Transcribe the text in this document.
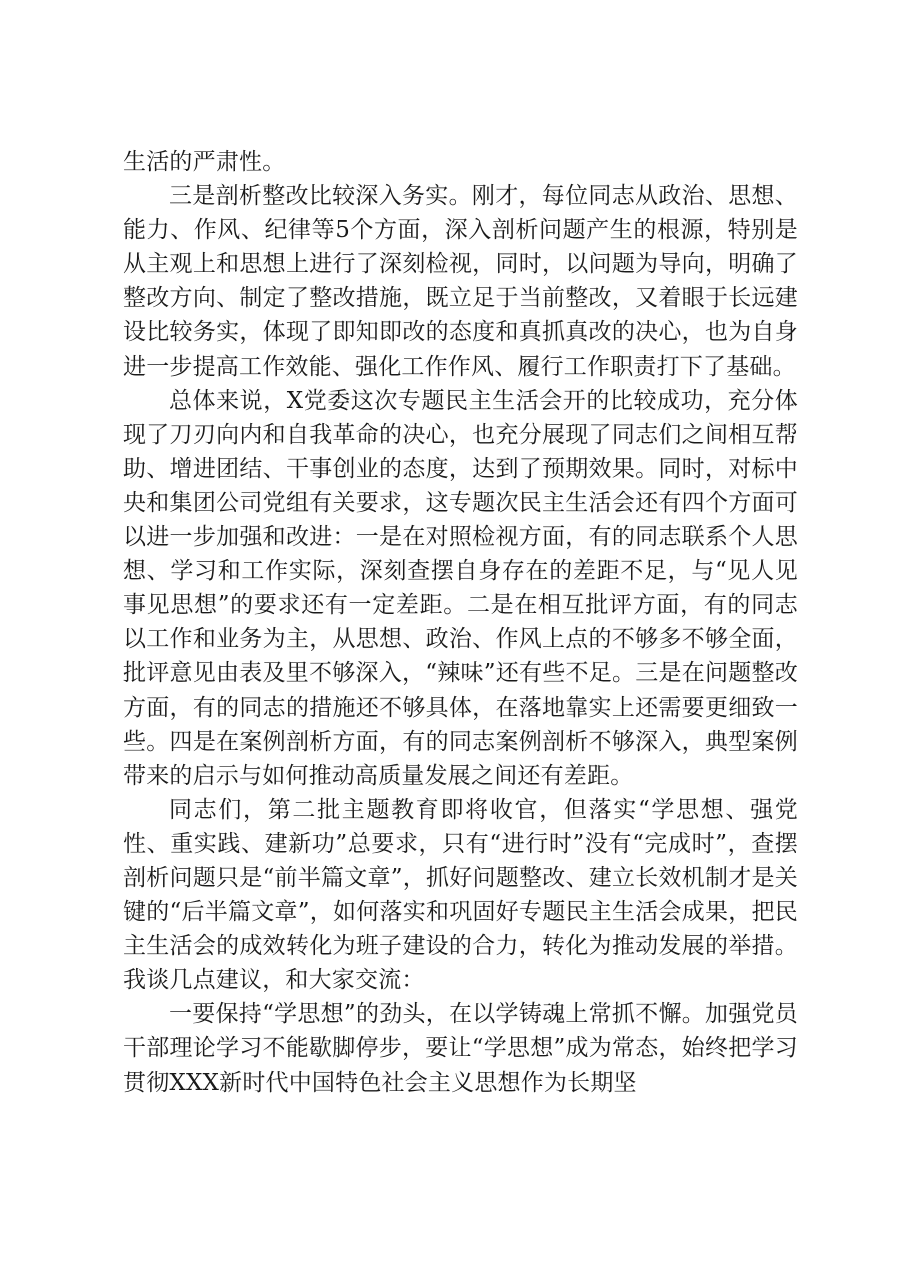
生活的严肃性。

三是剖析整改比较深入务实。刚才，每位同志从政治、思想、能力、作风、纪律等5个方面，深入剖析问题产生的根源，特别是从主观上和思想上进行了深刻检视，同时，以问题为导向，明确了整改方向、制定了整改措施，既立足于当前整改，又着眼于长远建设比较务实，体现了即知即改的态度和真抓真改的决心，也为自身进一步提高工作效能、强化工作作风、履行工作职责打下了基础。

总体来说，X党委这次专题民主生活会开的比较成功，充分体现了刀刃向内和自我革命的决心，也充分展现了同志们之间相互帮助、增进团结、干事创业的态度，达到了预期效果。同时，对标中央和集团公司党组有关要求，这专题次民主生活会还有四个方面可以进一步加强和改进：一是在对照检视方面，有的同志联系个人思想、学习和工作实际，深刻查摆自身存在的差距不足，与“见人见事见思想”的要求还有一定差距。二是在相互批评方面，有的同志以工作和业务为主，从思想、政治、作风上点的不够多不够全面，批评意见由表及里不够深入，“辣味”还有些不足。三是在问题整改方面，有的同志的措施还不够具体，在落地靠实上还需要更细致一些。四是在案例剖析方面，有的同志案例剖析不够深入，典型案例带来的启示与如何推动高质量发展之间还有差距。

同志们，第二批主题教育即将收官，但落实“学思想、强党性、重实践、建新功”总要求，只有“进行时”没有“完成时”，查摆剖析问题只是“前半篇文章”，抓好问题整改、建立长效机制才是关键的“后半篇文章”，如何落实和巩固好专题民主生活会成果，把民主生活会的成效转化为班子建设的合力，转化为推动发展的举措。我谈几点建议，和大家交流：

一要保持“学思想”的劲头，在以学铸魂上常抓不懈。加强党员干部理论学习不能歇脚停步，要让“学思想”成为常态，始终把学习贯彻XXX新时代中国特色社会主义思想作为长期坚
